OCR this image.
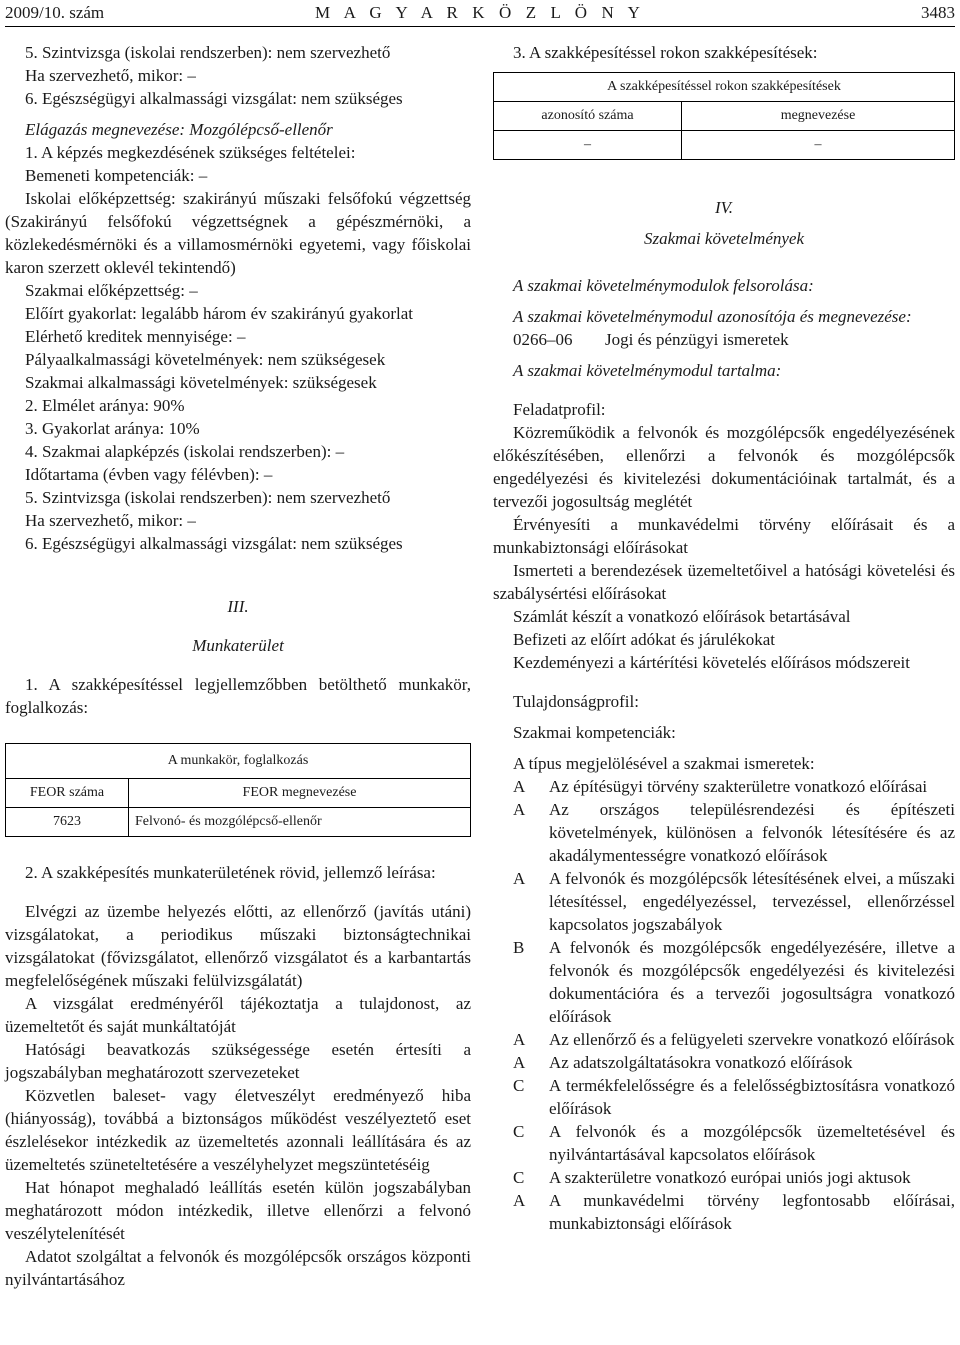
2009/10. szám	M A G Y A R K Ö Z L Ö N Y	3483

5. Szintvizsga (iskolai rendszerben): nem szervezhető

Ha szervezhető, mikor: –

6. Egészségügyi alkalmassági vizsgálat: nem szükséges

Elágazás megnevezése: Mozgólépcső-ellenőr

1. A képzés megkezdésének szükséges feltételei:

Bemeneti kompetenciák: –

Iskolai előképzettség: szakirányú műszaki felsőfokú végzettség (Szakirányú felsőfokú végzettségnek a gépészmérnöki, a közlekedésmérnöki és a villamosmérnöki egyetemi, vagy főiskolai karon szerzett oklevél tekintendő)

Szakmai előképzettség: –

Előírt gyakorlat: legalább három év szakirányú gyakorlat

Elérhető kreditek mennyisége: –

Pályaalkalmassági követelmények: nem szükségesek

Szakmai alkalmassági követelmények: szükségesek

2. Elmélet aránya: 90%

3. Gyakorlat aránya: 10%

4. Szakmai alapképzés (iskolai rendszerben): –

Időtartama (évben vagy félévben): –

5. Szintvizsga (iskolai rendszerben): nem szervezhető

Ha szervezhető, mikor: –

6. Egészségügyi alkalmassági vizsgálat: nem szükséges

III.

Munkaterület

1. A szakképesítéssel legjellemzőbben betölthető munkakör, foglalkozás:

A munkakör, foglalkozás	
FEOR száma	FEOR megnevezése
7623	Felvonó- és mozgólépcső-ellenőr

2. A szakképesítés munkaterületének rövid, jellemző leírása:

Elvégzi az üzembe helyezés előtti, az ellenőrző (javítás utáni) vizsgálatokat, a periodikus műszaki biztonságtechnikai vizsgálatokat (fővizsgálatot, ellenőrző vizsgálatot és a karbantartás megfelelőségének műszaki felülvizsgálatát)

A vizsgálat eredményéről tájékoztatja a tulajdonost, az üzemeltetőt és saját munkáltatóját

Hatósági beavatkozás szükségessége esetén értesíti a jogszabályban meghatározott szervezeteket

Közvetlen baleset- vagy életveszélyt eredményező hiba (hiányosság), továbbá a biztonságos működést veszélyeztető eset észlelésekor intézkedik az üzemeltetés azonnali leállítására és az üzemeltetés szüneteltetésére a veszélyhelyzet megszüntetéséig

Hat hónapot meghaladó leállítás esetén külön jogszabályban meghatározott módon intézkedik, illetve ellenőrzi a felvonó veszélytelenítését

Adatot szolgáltat a felvonók és mozgólépcsők országos központi nyilvántartásához

3. A szakképesítéssel rokon szakképesítések:

A szakképesítéssel rokon szakképesítések	
azonosító száma	megnevezése
–	–

IV.

Szakmai követelmények

A szakmai követelménymodulok felsorolása:

A szakmai követelménymodul azonosítója és megnevezése:

0266–06	Jogi és pénzügyi ismeretek

A szakmai követelménymodul tartalma:

Feladatprofil:

Közreműködik a felvonók és mozgólépcsők engedélyezésének előkészítésében, ellenőrzi a felvonók és mozgólépcsők engedélyezési és kivitelezési dokumentációinak tartalmát, és a tervezői jogosultság meglétét

Érvényesíti a munkavédelmi törvény előírásait és a munkabiztonsági előírásokat

Ismerteti a berendezések üzemeltetőivel a hatósági követelési és szabálysértési előírásokat

Számlát készít a vonatkozó előírások betartásával

Befizeti az előírt adókat és járulékokat

Kezdeményezi a kártérítési követelés előírásos módszereit

Tulajdonságprofil:

Szakmai kompetenciák:

A típus megjelölésével a szakmai ismeretek:

A	Az építésügyi törvény szakterületre vonatkozó előírásai
A	Az országos településrendezési és építészeti követelmények, különösen a felvonók létesítésére és az akadálymentességre vonatkozó előírások
A	A felvonók és mozgólépcsők létesítésének elvei, a műszaki létesítéssel, engedélyezéssel, tervezéssel, ellenőrzéssel kapcsolatos jogszabályok
B	A felvonók és mozgólépcsők engedélyezésére, illetve a felvonók és mozgólépcsők engedélyezési és kivitelezési dokumentációra és a tervezői jogosultságra vonatkozó előírások
A	Az ellenőrző és a felügyeleti szervekre vonatkozó előírások
A	Az adatszolgáltatásokra vonatkozó előírások
C	A termékfelelősségre és a felelősségbiztosításra vonatkozó előírások
C	A felvonók és a mozgólépcsők üzemeltetésével és nyilvántartásával kapcsolatos előírások
C	A szakterületre vonatkozó európai uniós jogi aktusok
A	A munkavédelmi törvény legfontosabb előírásai, munkabiztonsági előírások
